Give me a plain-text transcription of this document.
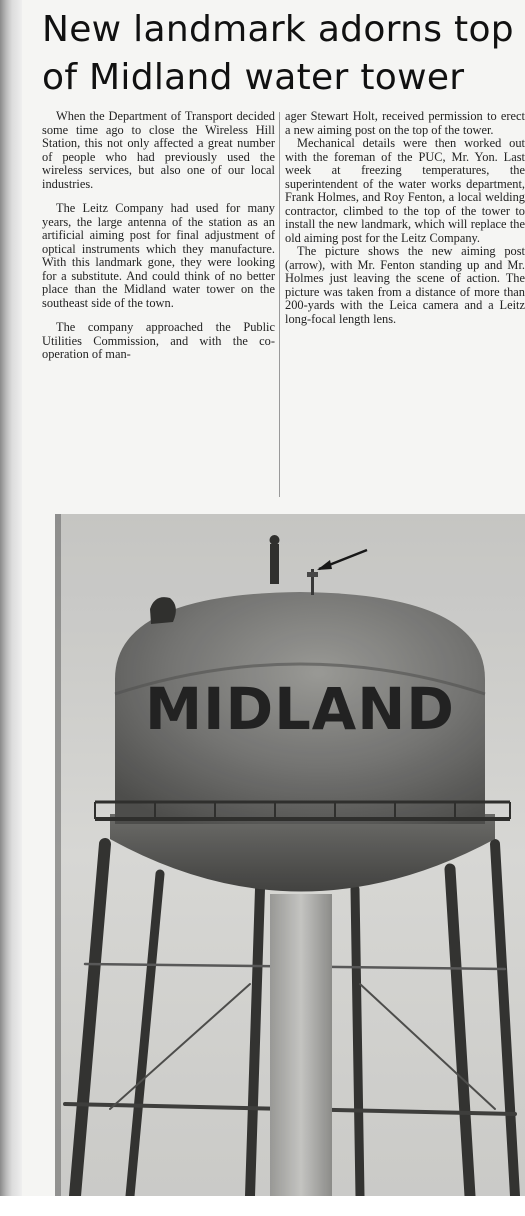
New landmark adorns top
of Midland water tower

When the Department of Transport decided some time ago to close the Wireless Hill Station, this not only affected a great number of people who had previously used the wireless services, but also one of our local industries.

The Leitz Company had used for many years, the large antenna of the station as an artificial aiming post for final adjustment of optical instruments which they manufacture. With this landmark gone, they were looking for a substitute. And could think of no better place than the Midland water tower on the southeast side of the town.

The company approached the Public Utilities Commission, and with the co-operation of man-

ager Stewart Holt, received permission to erect a new aiming post on the top of the tower.

Mechanical details were then worked out with the foreman of the PUC, Mr. Yon. Last week at freezing temperatures, the superintendent of the water works department, Frank Holmes, and Roy Fenton, a local welding contractor, climbed to the top of the tower to install the new landmark, which will replace the old aiming post for the Leitz Company.

The picture shows the new aiming post (arrow), with Mr. Fenton standing up and Mr. Holmes just leaving the scene of action. The picture was taken from a distance of more than 200-yards with the Leica camera and a Leitz long-focal length lens.

MIDLAND
